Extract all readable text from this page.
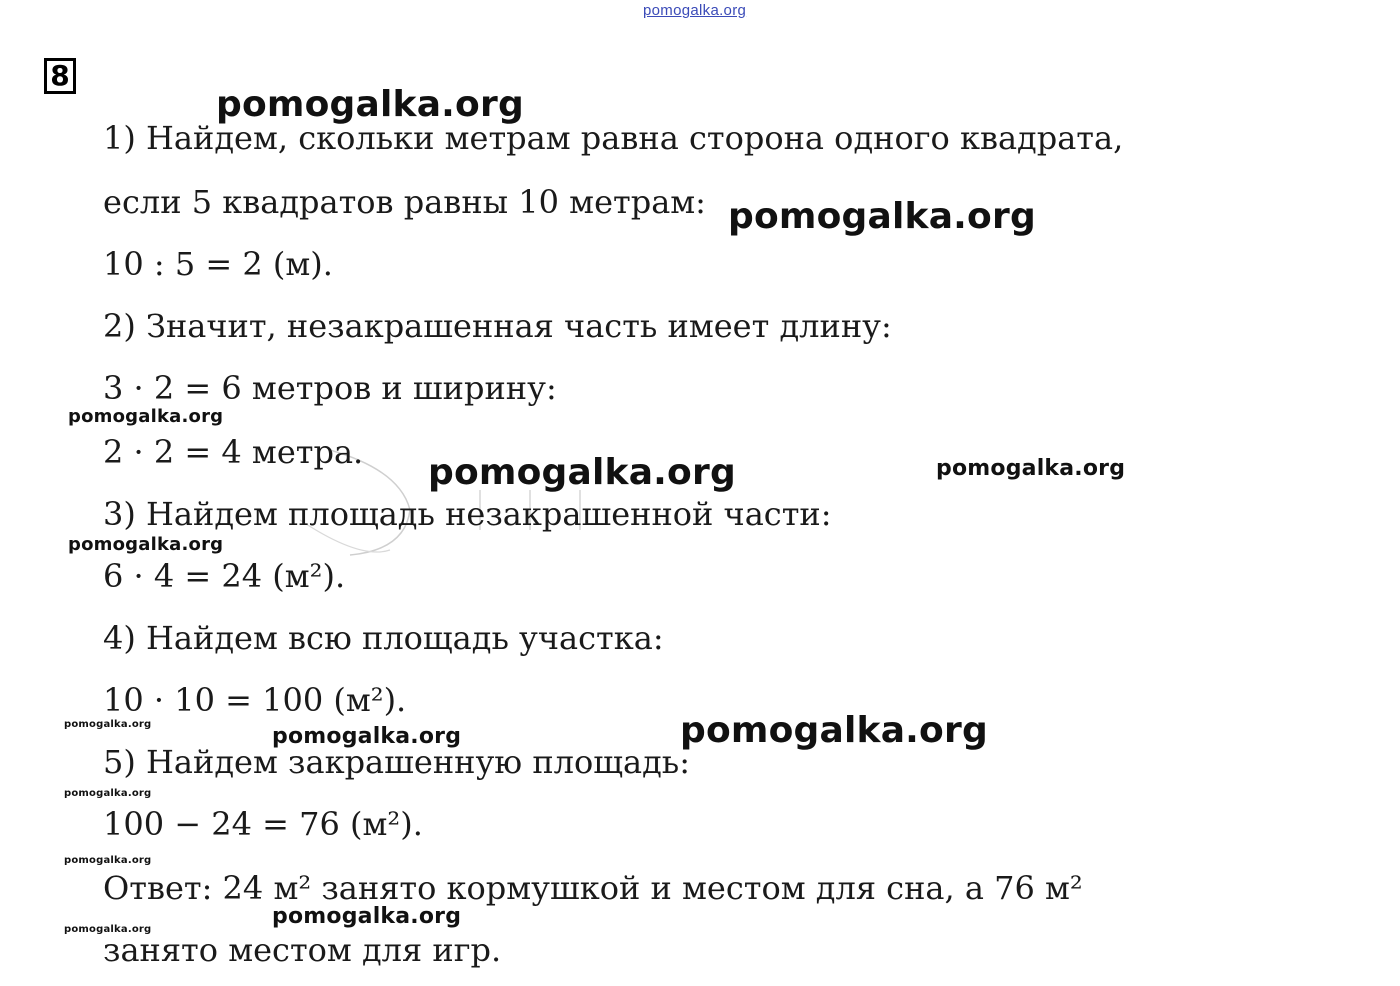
pomogalka.org
8
1) Найдем, скольки метрам равна сторона одного квадрата,
если 5 квадратов равны 10 метрам:
10 : 5 = 2 (м).
2) Значит, незакрашенная часть имеет длину:
3 · 2 = 6 метров и ширину:
2 · 2 = 4 метра.
3) Найдем площадь незакрашенной части:
6 · 4 = 24 (м²).
4) Найдем всю площадь участка:
10 · 10 = 100 (м²).
5) Найдем закрашенную площадь:
100 − 24 = 76 (м²).
Ответ: 24 м² занято кормушкой и местом для сна, а 76 м²
занято местом для игр.
pomogalka.org
pomogalka.org
pomogalka.org
pomogalka.org	pomogalka.org
pomogalka.org
pomogalka.org	pomogalka.org	pomogalka.org
pomogalka.org
pomogalka.org
pomogalka.org
pomogalka.org
